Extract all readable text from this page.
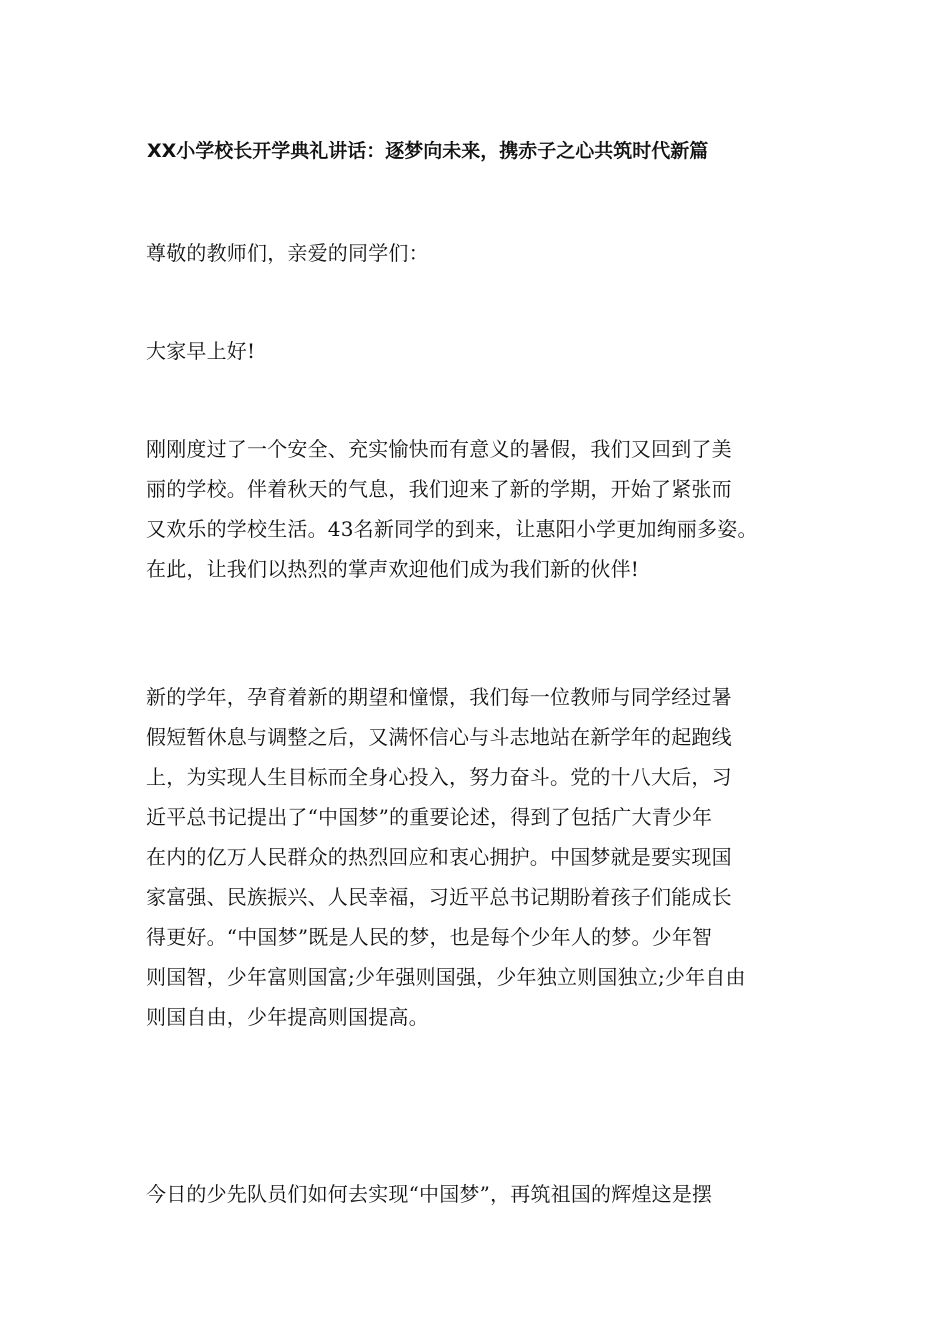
XX小学校长开学典礼讲话：逐梦向未来，携赤子之心共筑时代新篇
尊敬的教师们，亲爱的同学们：
大家早上好!
刚刚度过了一个安全、充实愉快而有意义的暑假，我们又回到了美
丽的学校。伴着秋天的气息，我们迎来了新的学期，开始了紧张而
又欢乐的学校生活。43名新同学的到来，让惠阳小学更加绚丽多姿。
在此，让我们以热烈的掌声欢迎他们成为我们新的伙伴!
新的学年，孕育着新的期望和憧憬，我们每一位教师与同学经过暑
假短暂休息与调整之后，又满怀信心与斗志地站在新学年的起跑线
上，为实现人生目标而全身心投入，努力奋斗。党的十八大后，习
近平总书记提出了“中国梦”的重要论述，得到了包括广大青少年
在内的亿万人民群众的热烈回应和衷心拥护。中国梦就是要实现国
家富强、民族振兴、人民幸福，习近平总书记期盼着孩子们能成长
得更好。“中国梦”既是人民的梦，也是每个少年人的梦。少年智
则国智，少年富则国富;少年强则国强，少年独立则国独立;少年自由
则国自由，少年提高则国提高。
今日的少先队员们如何去实现“中国梦”，再筑祖国的辉煌这是摆
